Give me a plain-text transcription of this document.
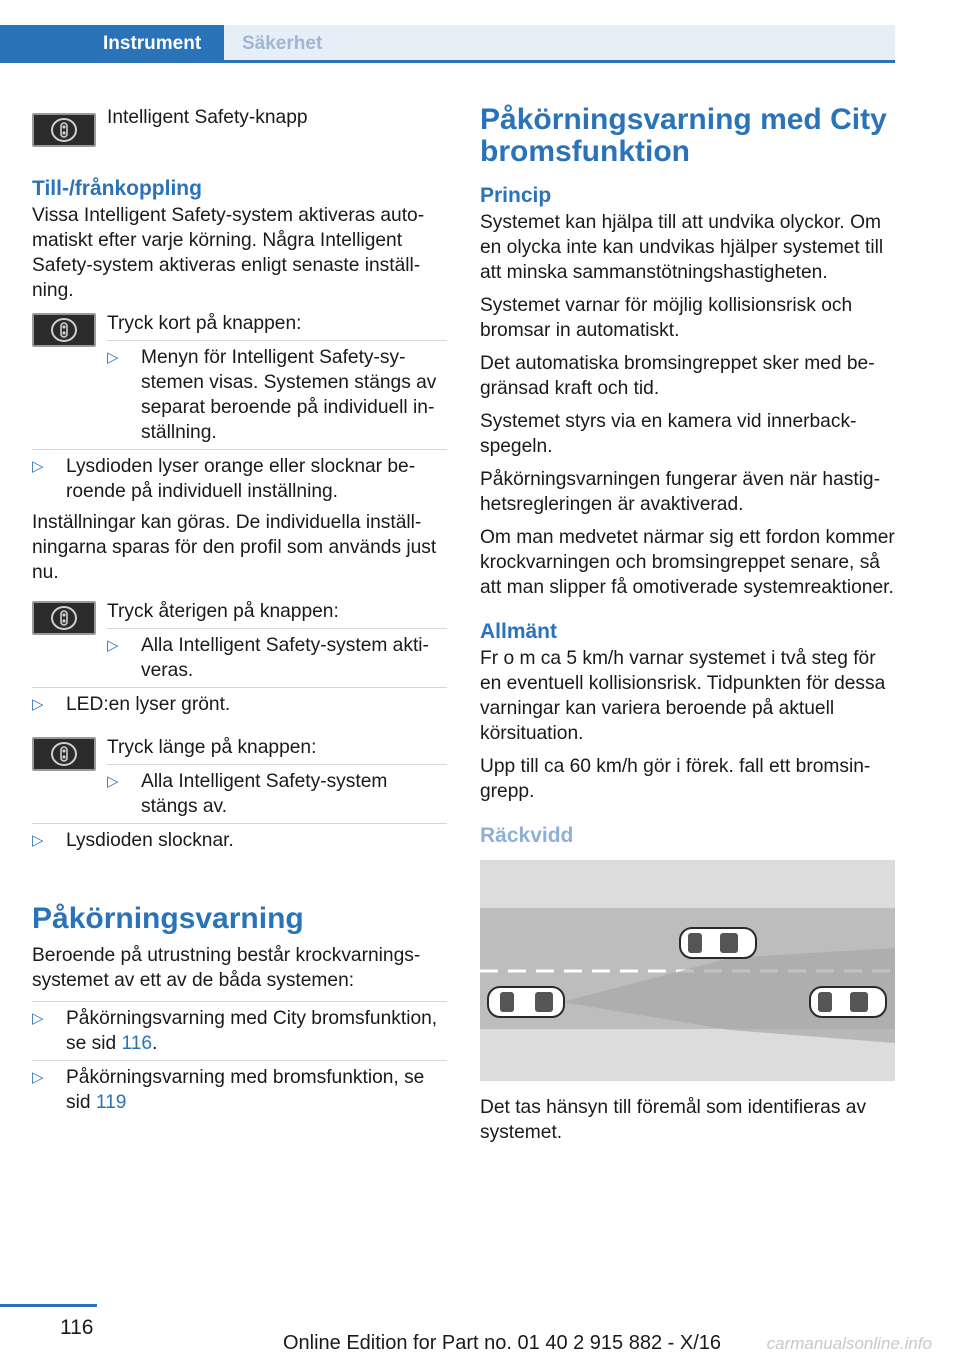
Instrument	Säkerhet
Intelligent Safety-knapp
Till-/frånkoppling

Vissa Intelligent Safety-system aktiveras automatiskt efter varje körning. Några Intelligent Safety-system aktiveras enligt senaste inställning.

Tryck kort på knappen:
▷ Menyn för Intelligent Safety-systemen visas. Systemen stängs av separat beroende på individuell inställning.
▷ Lysdioden lyser orange eller slocknar beroende på individuell inställning.

Inställningar kan göras. De individuella inställningarna sparas för den profil som används just nu.

Tryck återigen på knappen:
▷ Alla Intelligent Safety-system aktiveras.
▷ LED:en lyser grönt.
Tryck länge på knappen:
▷ Alla Intelligent Safety-system stängs av.
▷ Lysdioden slocknar.
Påkörningsvarning

Beroende på utrustning består krockvarningssystemet av ett av de båda systemen:

▷ Påkörningsvarning med City bromsfunktion, se sid 116.
▷ Påkörningsvarning med bromsfunktion, se sid 119
Påkörningsvarning med City bromsfunktion
Princip

Systemet kan hjälpa till att undvika olyckor. Om en olycka inte kan undvikas hjälper systemet till att minska sammanstötningshastigheten.

Systemet varnar för möjlig kollisionsrisk och bromsar in automatiskt.

Det automatiska bromsingreppet sker med begränsad kraft och tid.

Systemet styrs via en kamera vid innerbackspegeln.

Påkörningsvarningen fungerar även när hastighetsregleringen är avaktiverad.

Om man medvetet närmar sig ett fordon kommer krockvarningen och bromsingreppet senare, så att man slipper få omotiverade systemreaktioner.

Allmänt

Fr o m ca 5 km/h varnar systemet i två steg för en eventuell kollisionsrisk. Tidpunkten för dessa varningar kan variera beroende på aktuell körsituation.

Upp till ca 60 km/h gör i förek. fall ett bromsingrepp.

Räckvidd

Det tas hänsyn till föremål som identifieras av systemet.

116
Online Edition for Part no. 01 40 2 915 882 - X/16	carmanualsonline.info
